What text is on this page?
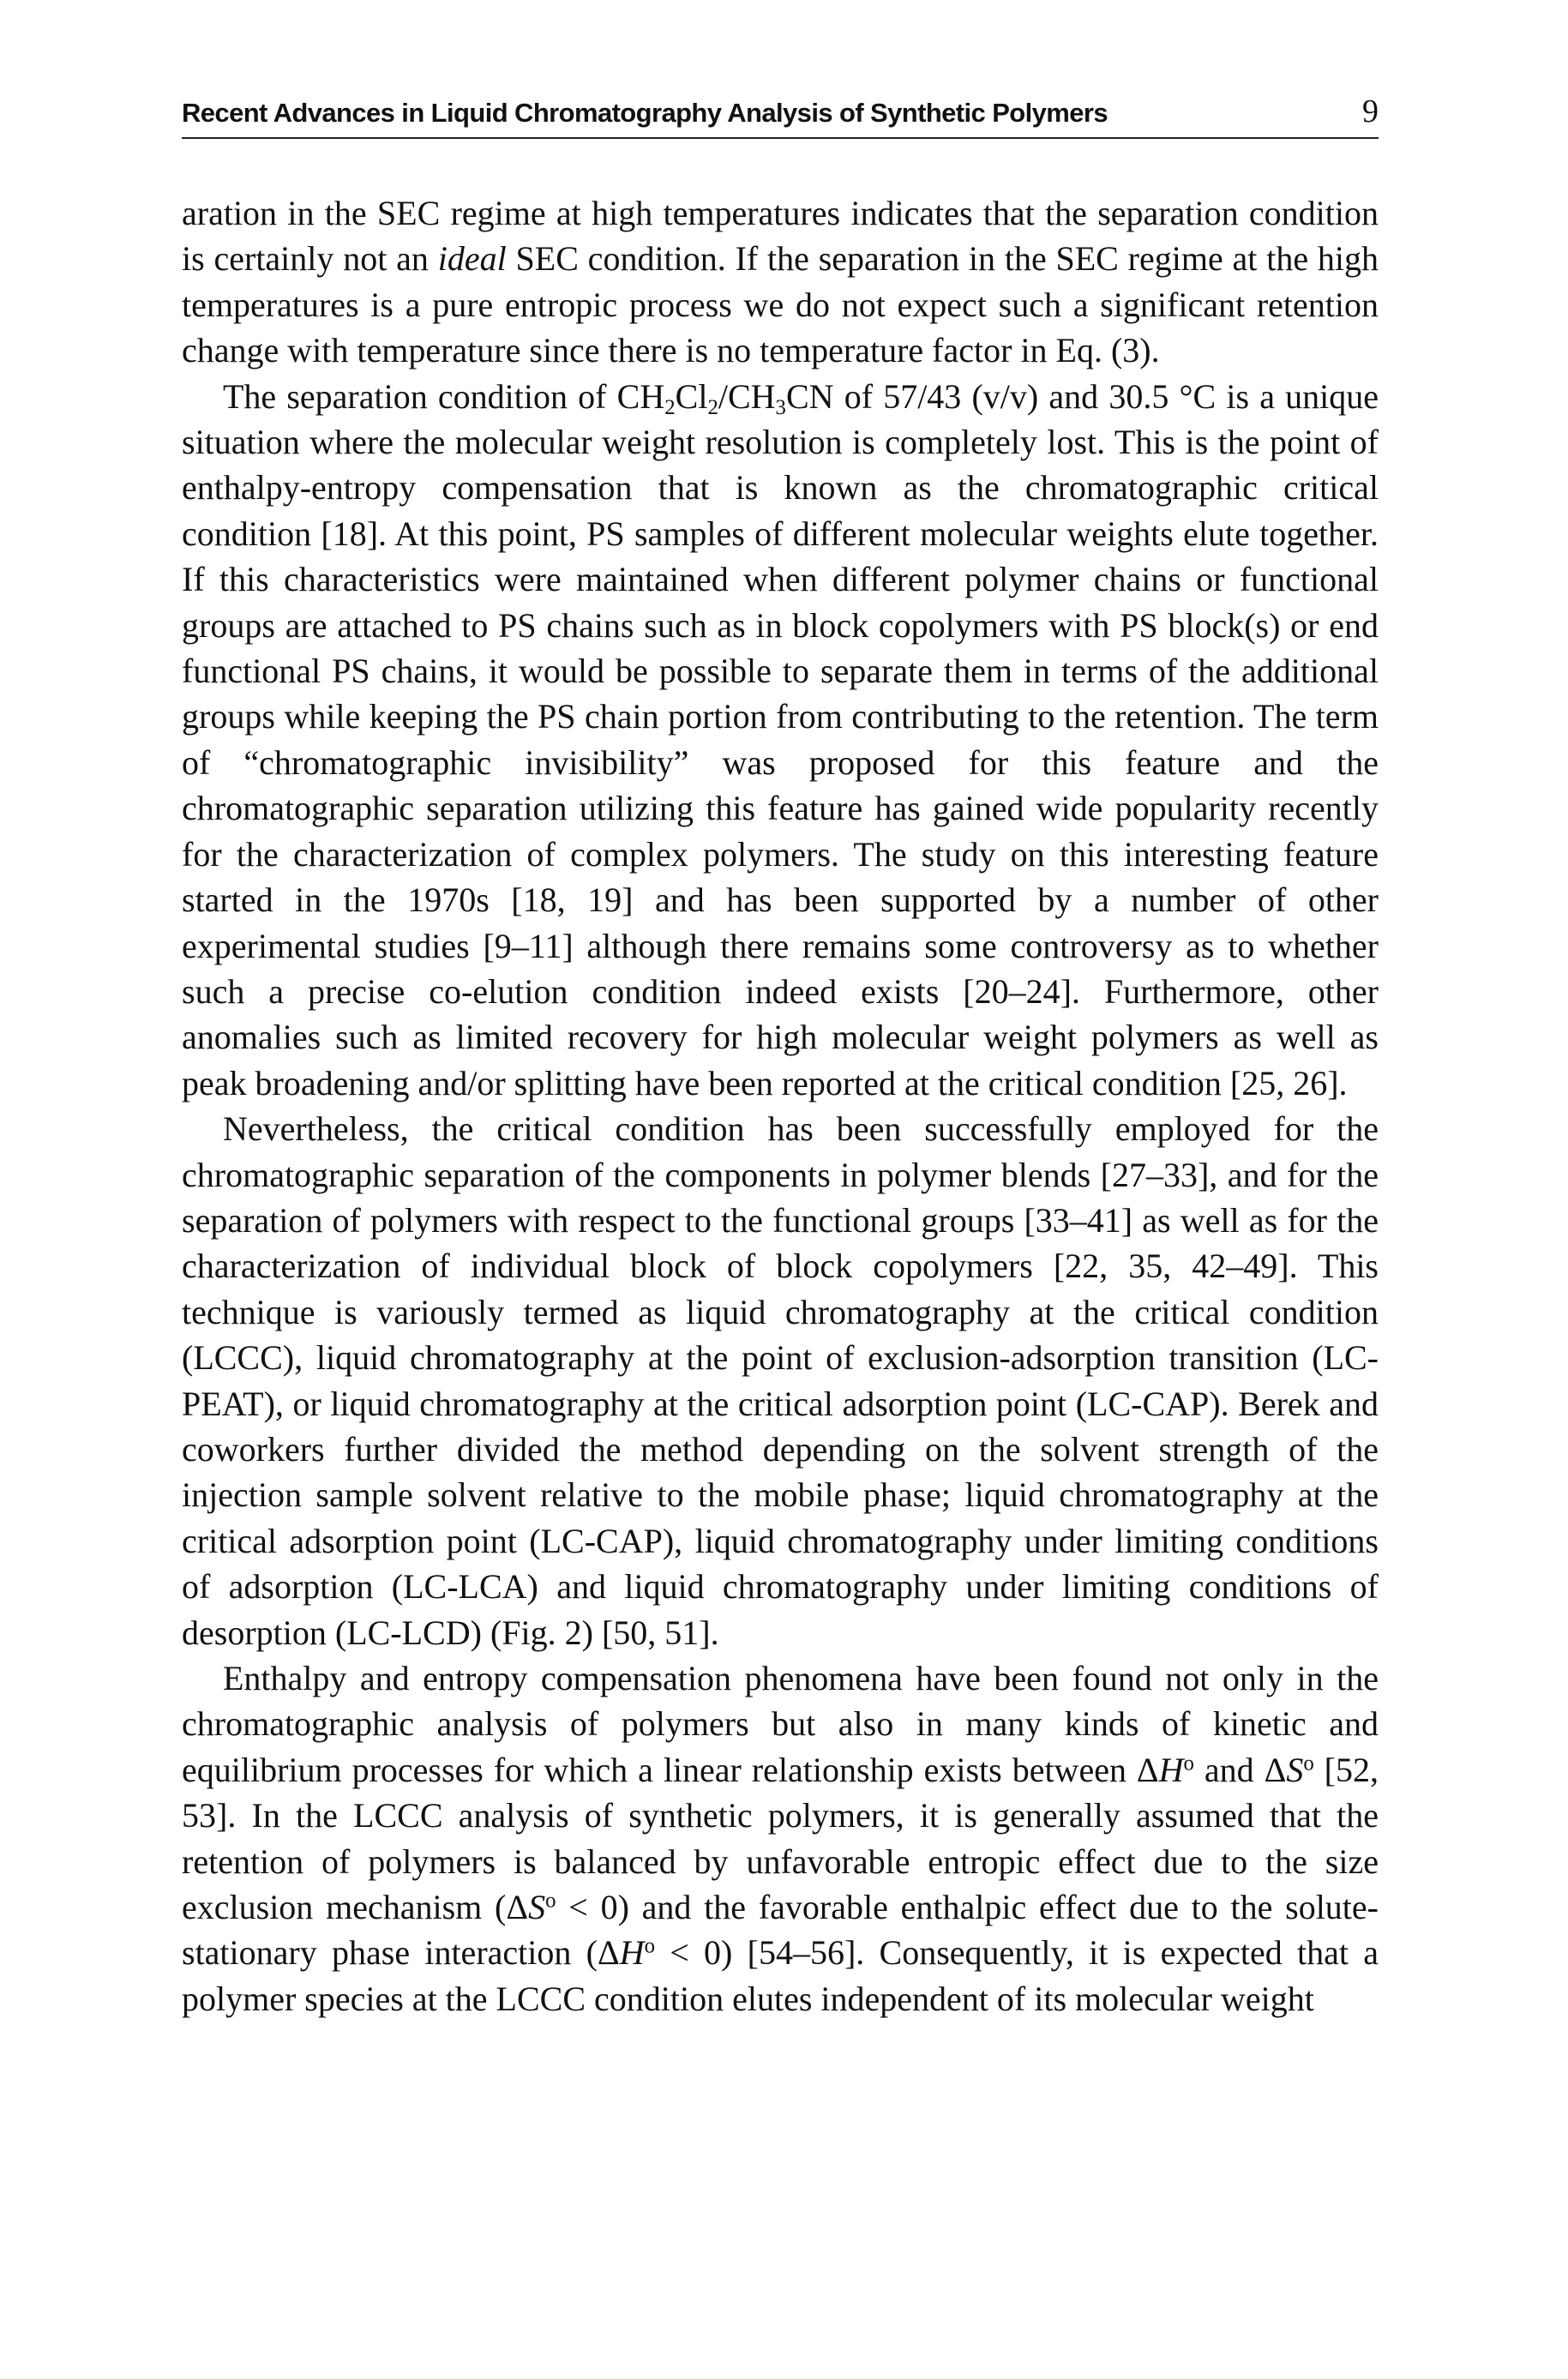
Recent Advances in Liquid Chromatography Analysis of Synthetic Polymers	9

aration in the SEC regime at high temperatures indicates that the separation condition is certainly not an ideal SEC condition. If the separation in the SEC regime at the high temperatures is a pure entropic process we do not expect such a significant retention change with temperature since there is no temperature factor in Eq. (3).

The separation condition of $CH_2Cl_2/CH_3CN$ of 57/43 (v/v) and 30.5 °C is a unique situation where the molecular weight resolution is completely lost. This is the point of enthalpy-entropy compensation that is known as the chromatographic critical condition [18]. At this point, PS samples of different molecular weights elute together. If this characteristics were maintained when different polymer chains or functional groups are attached to PS chains such as in block copolymers with PS block(s) or end functional PS chains, it would be possible to separate them in terms of the additional groups while keeping the PS chain portion from contributing to the retention. The term of “chromatographic invisibility” was proposed for this feature and the chromatographic separation utilizing this feature has gained wide popularity recently for the characterization of complex polymers. The study on this interesting feature started in the 1970s [18, 19] and has been supported by a number of other experimental studies [9–11] although there remains some controversy as to whether such a precise co-elution condition indeed exists [20–24]. Furthermore, other anomalies such as limited recovery for high molecular weight polymers as well as peak broadening and/or splitting have been reported at the critical condition [25, 26].

Nevertheless, the critical condition has been successfully employed for the chromatographic separation of the components in polymer blends [27–33], and for the separation of polymers with respect to the functional groups [33–41] as well as for the characterization of individual block of block copolymers [22, 35, 42–49]. This technique is variously termed as liquid chromatography at the critical condition (LCCC), liquid chromatography at the point of exclusion-adsorption transition (LC-PEAT), or liquid chromatography at the critical adsorption point (LC-CAP). Berek and coworkers further divided the method depending on the solvent strength of the injection sample solvent relative to the mobile phase; liquid chromatography at the critical adsorption point (LC-CAP), liquid chromatography under limiting conditions of adsorption (LC-LCA) and liquid chromatography under limiting conditions of desorption (LC-LCD) (Fig. 2) [50, 51].

Enthalpy and entropy compensation phenomena have been found not only in the chromatographic analysis of polymers but also in many kinds of kinetic and equilibrium processes for which a linear relationship exists between $\Delta H^o$ and $\Delta S^o$ [52, 53]. In the LCCC analysis of synthetic polymers, it is generally assumed that the retention of polymers is balanced by unfavorable entropic effect due to the size exclusion mechanism $(\Delta S^o < 0)$ and the favorable enthalpic effect due to the solute-stationary phase interaction $(\Delta H^o < 0)$ [54–56]. Consequently, it is expected that a polymer species at the LCCC condition elutes independent of its molecular weight
